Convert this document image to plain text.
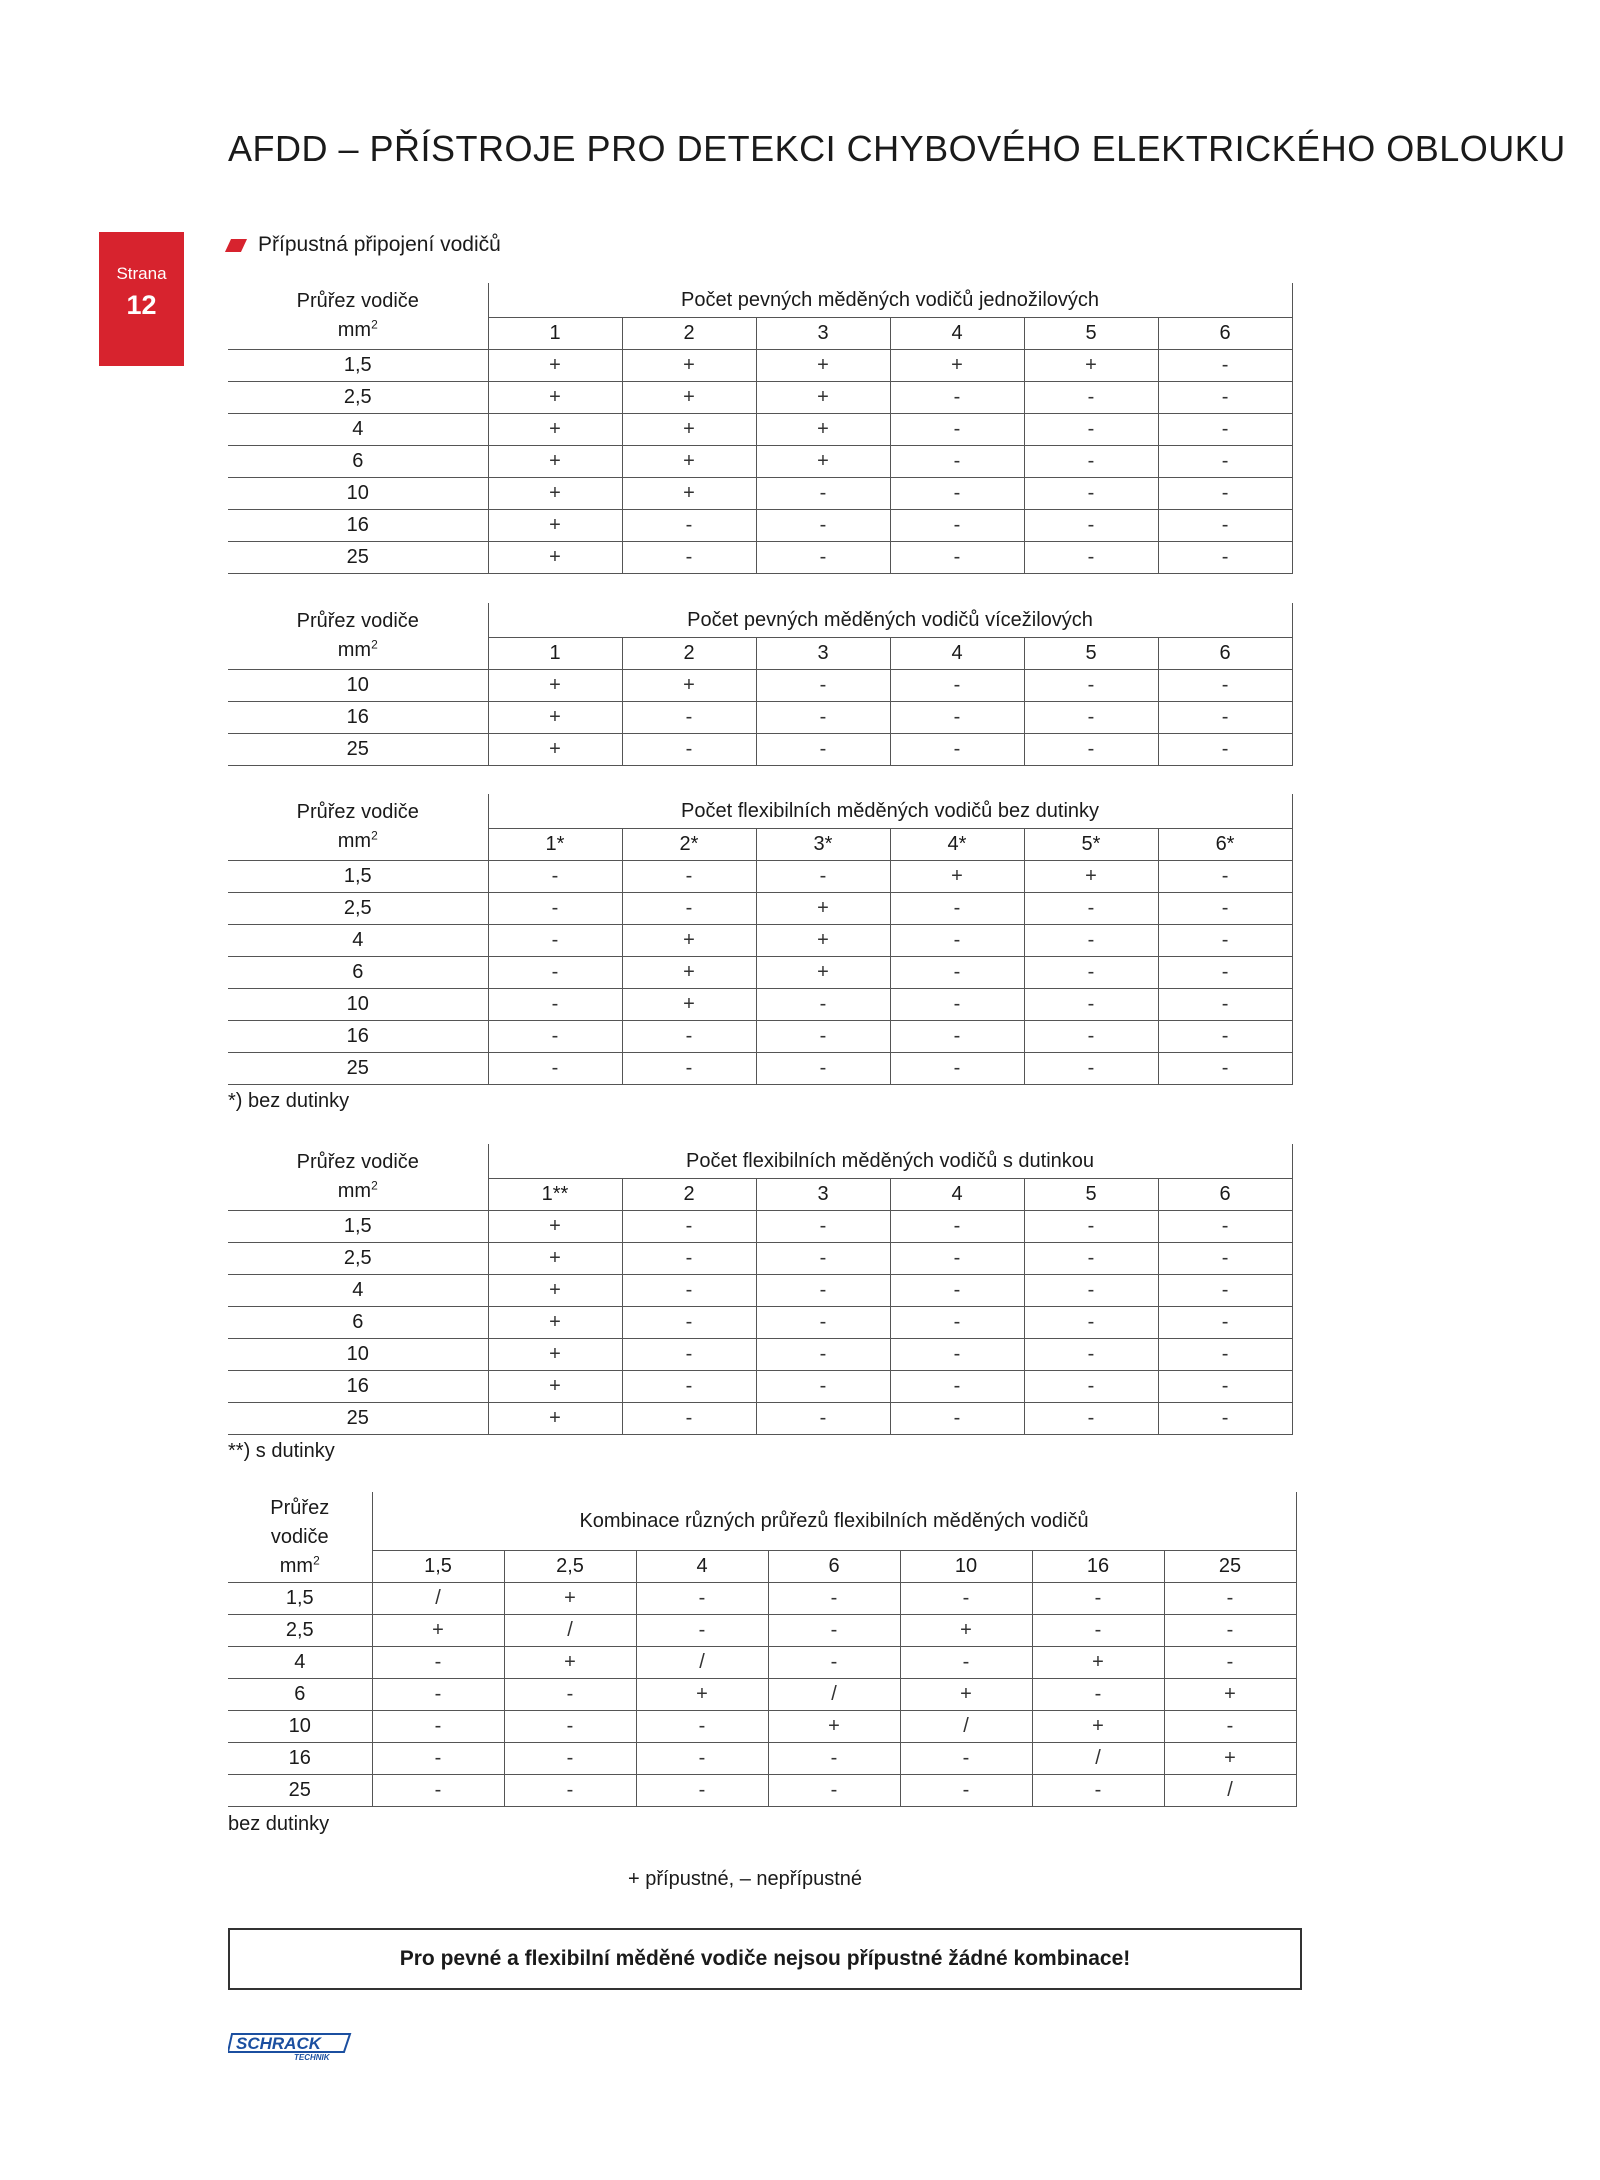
AFDD – PŘÍSTROJE PRO DETEKCI CHYBOVÉHO ELEKTRICKÉHO OBLOUKU
Strana
12
Přípustná připojení vodičů
Průřez vodiče
$mm^2$	Počet pevných měděných vodičů jednožilových					
	1	2	3	4	5	6
1,5	+	+	+	+	+	-
2,5	+	+	+	-	-	-
4	+	+	+	-	-	-
6	+	+	+	-	-	-
10	+	+	-	-	-	-
16	+	-	-	-	-	-
25	+	-	-	-	-	-
Průřez vodiče
$mm^2$	Počet pevných měděných vodičů vícežilových					
	1	2	3	4	5	6
10	+	+	-	-	-	-
16	+	-	-	-	-	-
25	+	-	-	-	-	-
Průřez vodiče
$mm^2$	Počet flexibilních měděných vodičů bez dutinky					
	1*	2*	3*	4*	5*	6*
1,5	-	-	-	+	+	-
2,5	-	-	+	-	-	-
4	-	+	+	-	-	-
6	-	+	+	-	-	-
10	-	+	-	-	-	-
16	-	-	-	-	-	-
25	-	-	-	-	-	-
Průřez vodiče
$mm^2$	Počet flexibilních měděných vodičů s dutinkou					
	1**	2	3	4	5	6
1,5	+	-	-	-	-	-
2,5	+	-	-	-	-	-
4	+	-	-	-	-	-
6	+	-	-	-	-	-
10	+	-	-	-	-	-
16	+	-	-	-	-	-
25	+	-	-	-	-	-
Průřez
vodiče
$mm^2$	Kombinace různých průřezů flexibilních měděných vodičů						
	1,5	2,5	4	6	10	16	25
1,5	/	+	-	-	-	-	-
2,5	+	/	-	-	+	-	-
4	-	+	/	-	-	+	-
6	-	-	+	/	+	-	+
10	-	-	-	+	/	+	-
16	-	-	-	-	-	/	+
25	-	-	-	-	-	-	/
*) bez dutinky
**) s dutinky
bez dutinky
+ přípustné, – nepřípustné
Pro pevné a flexibilní měděné vodiče nejsou přípustné žádné kombinace!
SCHRACK
TECHNIK
